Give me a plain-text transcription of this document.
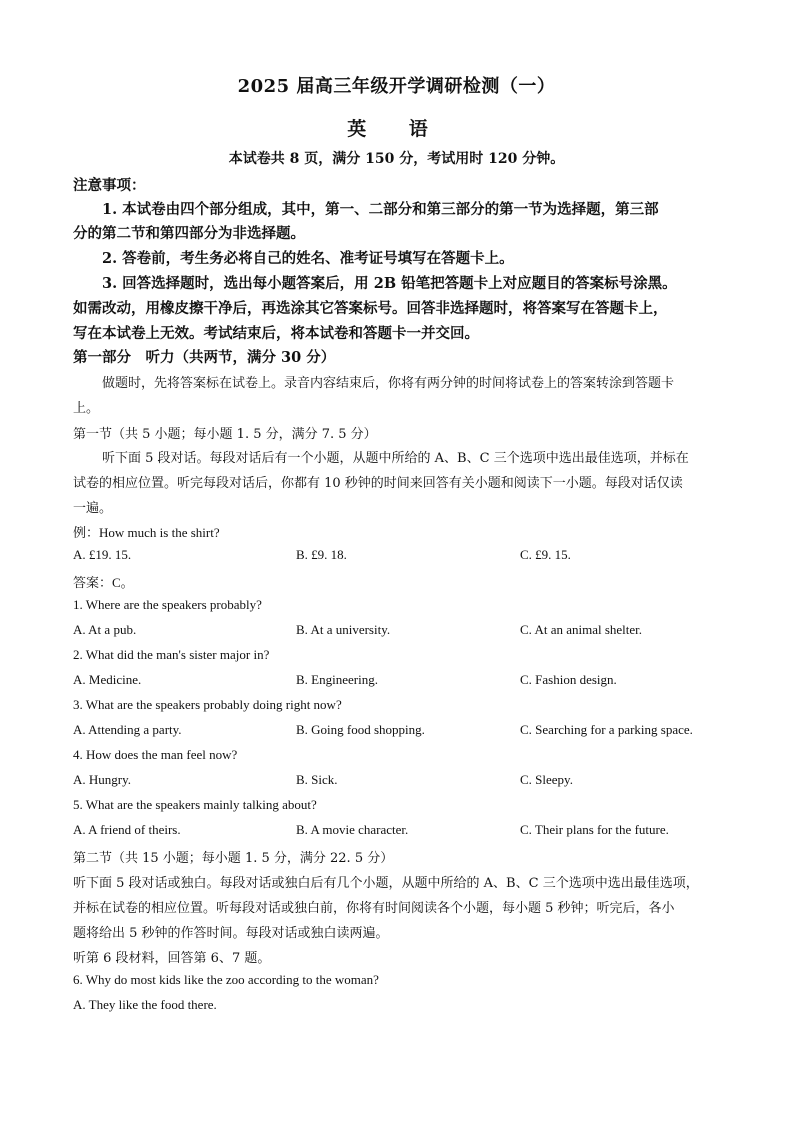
2025 届高三年级开学调研检测（一）
英 语
本试卷共 8 页，满分 150 分，考试用时 120 分钟。
注意事项：
1. 本试卷由四个部分组成，其中，第一、二部分和第三部分的第一节为选择题，第三部
分的第二节和第四部分为非选择题。
2. 答卷前，考生务必将自己的姓名、准考证号填写在答题卡上。
3. 回答选择题时，选出每小题答案后，用 2B 铅笔把答题卡上对应题目的答案标号涂黑。
如需改动，用橡皮擦干净后，再选涂其它答案标号。回答非选择题时，将答案写在答题卡上，
写在本试卷上无效。考试结束后，将本试卷和答题卡一并交回。
第一部分　听力（共两节，满分 30 分）
做题时，先将答案标在试卷上。录音内容结束后，你将有两分钟的时间将试卷上的答案转涂到答题卡
上。
第一节（共 5 小题；每小题 1. 5 分，满分 7. 5 分）
听下面 5 段对话。每段对话后有一个小题，从题中所给的 A、B、C 三个选项中选出最佳选项，并标在
试卷的相应位置。听完每段对话后，你都有 10 秒钟的时间来回答有关小题和阅读下一小题。每段对话仅读
一遍。
例：How much is the shirt?
A. £19. 15.	B. £9. 18.	C. £9. 15.
答案：C。
1. Where are the speakers probably?
A. At a pub.	B. At a university.	C. At an animal shelter.
2. What did the man's sister major in?
A. Medicine.	B. Engineering.	C. Fashion design.
3. What are the speakers probably doing right now?
A. Attending a party.	B. Going food shopping.	C. Searching for a parking space.
4. How does the man feel now?
A. Hungry.	B. Sick.	C. Sleepy.
5. What are the speakers mainly talking about?
A. A friend of theirs.	B. A movie character.	C. Their plans for the future.
第二节（共 15 小题；每小题 1. 5 分，满分 22. 5 分）
听下面 5 段对话或独白。每段对话或独白后有几个小题，从题中所给的 A、B、C 三个选项中选出最佳选项，
并标在试卷的相应位置。听每段对话或独白前，你将有时间阅读各个小题，每小题 5 秒钟；听完后，各小
题将给出 5 秒钟的作答时间。每段对话或独白读两遍。
听第 6 段材料，回答第 6、7 题。
6. Why do most kids like the zoo according to the woman?
A. They like the food there.
